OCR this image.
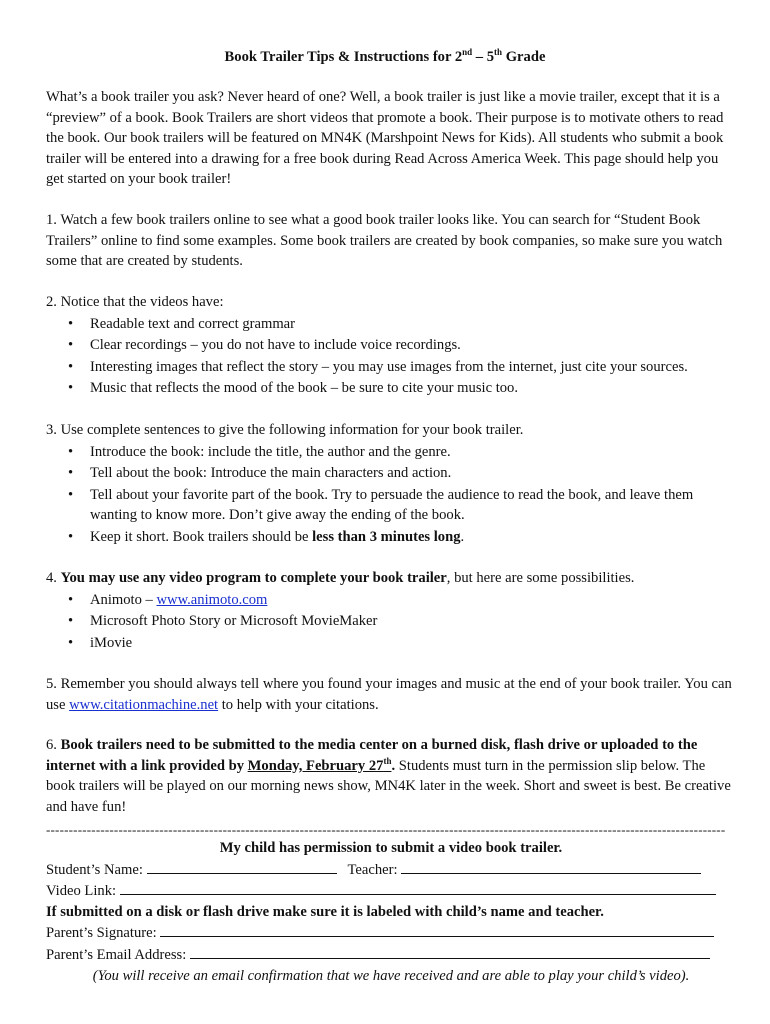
Book Trailer Tips & Instructions for 2nd – 5th Grade

What’s a book trailer you ask? Never heard of one? Well, a book trailer is just like a movie trailer, except that it is a “preview” of a book. Book Trailers are short videos that promote a book. Their purpose is to motivate others to read the book. Our book trailers will be featured on MN4K (Marshpoint News for Kids). All students who submit a book trailer will be entered into a drawing for a free book during Read Across America Week. This page should help you get started on your book trailer!

1. Watch a few book trailers online to see what a good book trailer looks like. You can search for “Student Book Trailers” online to find some examples. Some book trailers are created by book companies, so make sure you watch some that are created by students.

2. Notice that the videos have:

• Readable text and correct grammar
• Clear recordings – you do not have to include voice recordings.
• Interesting images that reflect the story – you may use images from the internet, just cite your sources.
• Music that reflects the mood of the book – be sure to cite your music too.

3. Use complete sentences to give the following information for your book trailer.

• Introduce the book: include the title, the author and the genre.
• Tell about the book: Introduce the main characters and action.
• Tell about your favorite part of the book. Try to persuade the audience to read the book, and leave them wanting to know more. Don’t give away the ending of the book.
• Keep it short. Book trailers should be less than 3 minutes long.

4. You may use any video program to complete your book trailer, but here are some possibilities.

• Animoto – www.animoto.com
• Microsoft Photo Story or Microsoft MovieMaker
• iMovie

5. Remember you should always tell where you found your images and music at the end of your book trailer. You can use www.citationmachine.net to help with your citations.

6. Book trailers need to be submitted to the media center on a burned disk, flash drive or uploaded to the internet with a link provided by Monday, February 27th. Students must turn in the permission slip below. The book trailers will be played on our morning news show, MN4K later in the week. Short and sweet is best. Be creative and have fun!

------------------------------------------------------------------------------------------------------------------------------------------------------

My child has permission to submit a video book trailer.

Student’s Name:	Teacher:

Video Link:

If submitted on a disk or flash drive make sure it is labeled with child’s name and teacher.

Parent’s Signature:

Parent’s Email Address:

(You will receive an email confirmation that we have received and are able to play your child’s video).
